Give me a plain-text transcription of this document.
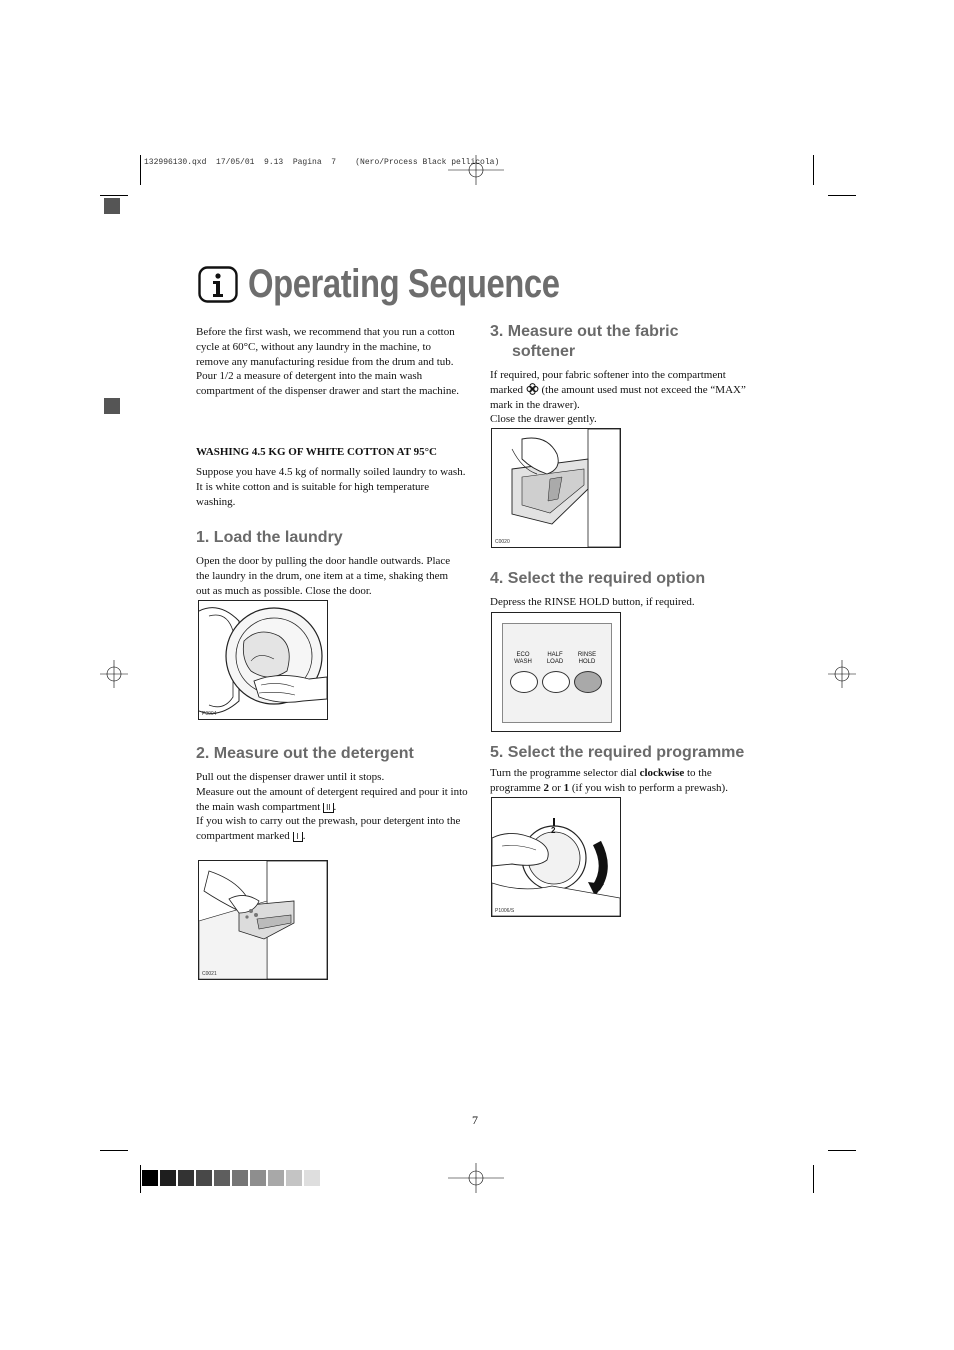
132996130.qxd  17/05/01  9.13  Pagina  7    (Nero/Process Black pellicola)
Operating Sequence

Before the first wash, we recommend that you run a cotton cycle at 60°C, without any laundry in the machine, to remove any manufacturing residue from the drum and tub.

Pour 1/2 a measure of detergent into the main wash compartment of the dispenser drawer and start the machine.

WASHING 4.5 KG OF WHITE COTTON AT 95°C
Suppose you have 4.5 kg of normally soiled laundry to wash. It is white cotton and is suitable for high temperature washing.
1. Load the laundry
Open the door by pulling the door handle outwards. Place the laundry in the drum, one item at a time, shaking them out as much as possible. Close the door.
P0004
2. Measure out the detergent

Pull out the dispenser drawer until it stops.

Measure out the amount of detergent required and pour it into the main wash compartment II .

If you wish to carry out the prewash, pour detergent into the compartment marked I .

C0021
3. Measure out the fabric
softener

If required, pour fabric softener into the compartment marked  (the amount used must not exceed the “MAX” mark in the drawer).

Close the drawer gently.

C0020
4. Select the required option
Depress the RINSE HOLD button, if required.
ECO
WASH
HALF
LOAD
RINSE
HOLD
5. Select the required programme
Turn the programme selector dial clockwise to the programme 2 or 1 (if you wish to perform a prewash).
2
P1006/S
7
